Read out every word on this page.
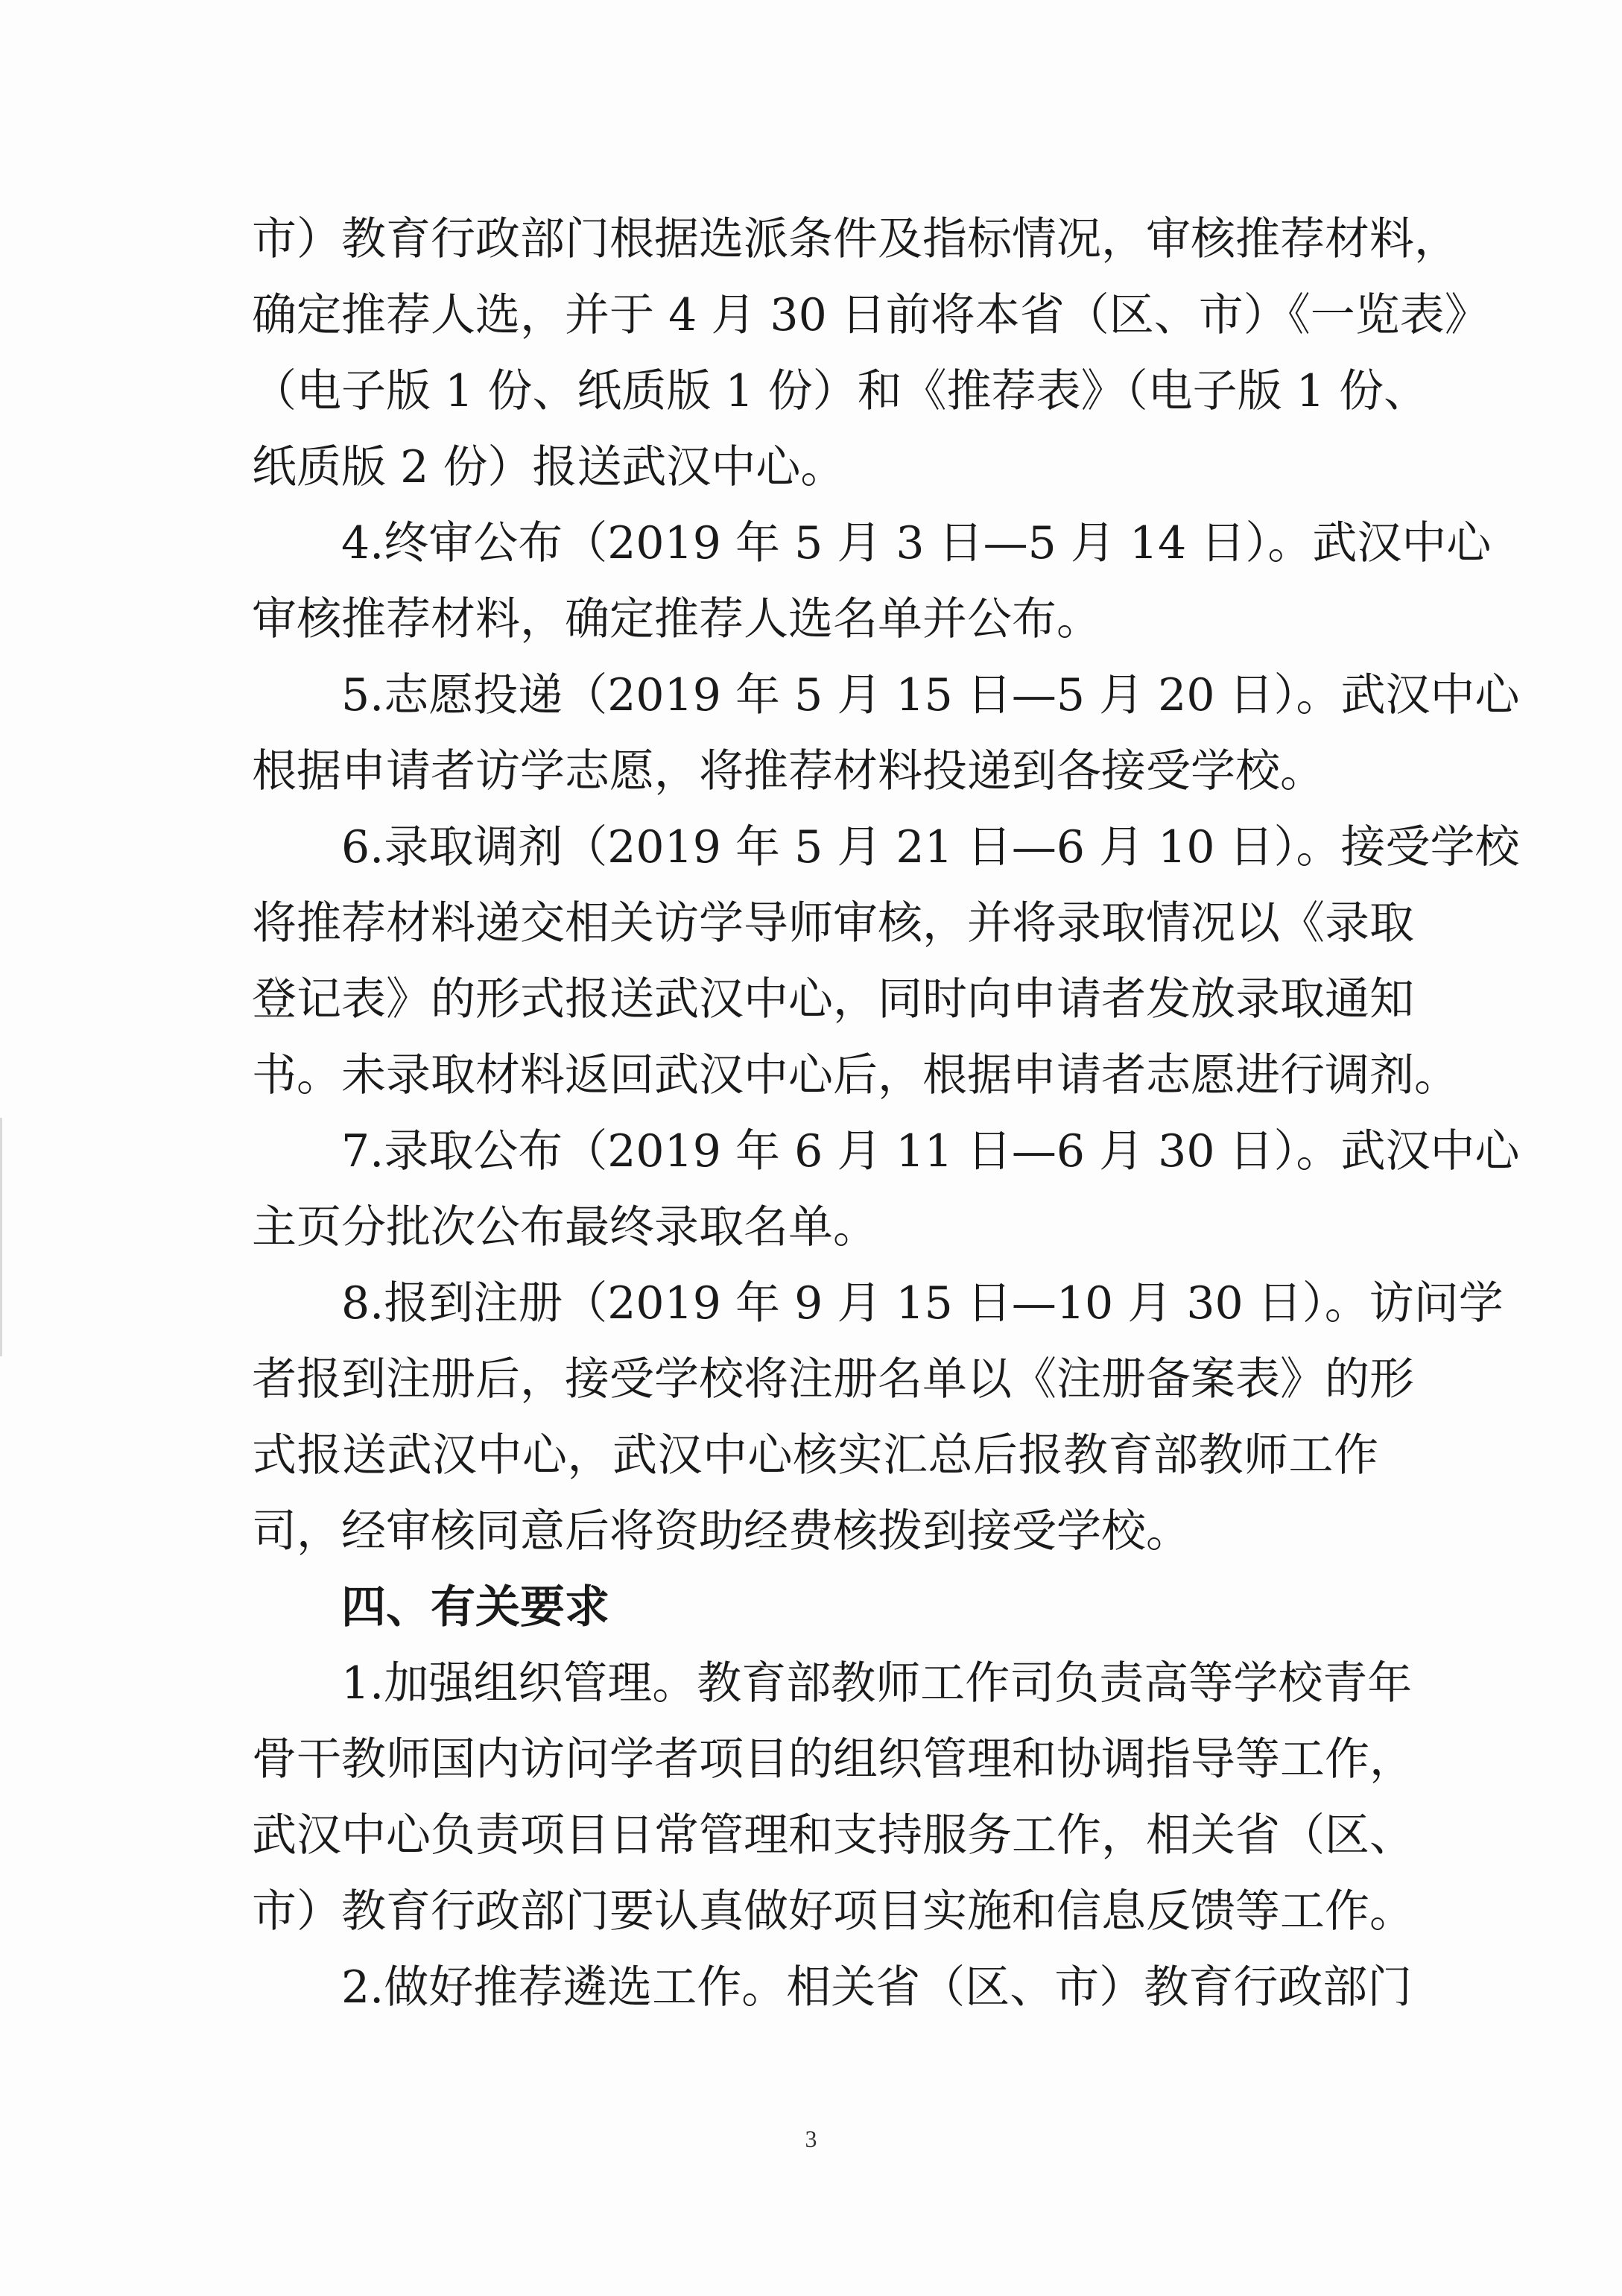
市）教育行政部门根据选派条件及指标情况，审核推荐材料，
确定推荐人选，并于 4 月 30 日前将本省（区、市）《一览表》
（电子版 1 份、纸质版 1 份）和《推荐表》（电子版 1 份、
纸质版 2 份）报送武汉中心。
4.终审公布（2019 年 5 月 3 日—5 月 14 日）。武汉中心
审核推荐材料，确定推荐人选名单并公布。
5.志愿投递（2019 年 5 月 15 日—5 月 20 日）。武汉中心
根据申请者访学志愿，将推荐材料投递到各接受学校。
6.录取调剂（2019 年 5 月 21 日—6 月 10 日）。接受学校
将推荐材料递交相关访学导师审核，并将录取情况以《录取
登记表》的形式报送武汉中心，同时向申请者发放录取通知
书。未录取材料返回武汉中心后，根据申请者志愿进行调剂。
7.录取公布（2019 年 6 月 11 日—6 月 30 日）。武汉中心
主页分批次公布最终录取名单。
8.报到注册（2019 年 9 月 15 日—10 月 30 日）。访问学
者报到注册后，接受学校将注册名单以《注册备案表》的形
式报送武汉中心，武汉中心核实汇总后报教育部教师工作
司，经审核同意后将资助经费核拨到接受学校。
四、有关要求
1.加强组织管理。教育部教师工作司负责高等学校青年
骨干教师国内访问学者项目的组织管理和协调指导等工作，
武汉中心负责项目日常管理和支持服务工作，相关省（区、
市）教育行政部门要认真做好项目实施和信息反馈等工作。
2.做好推荐遴选工作。相关省（区、市）教育行政部门
3
